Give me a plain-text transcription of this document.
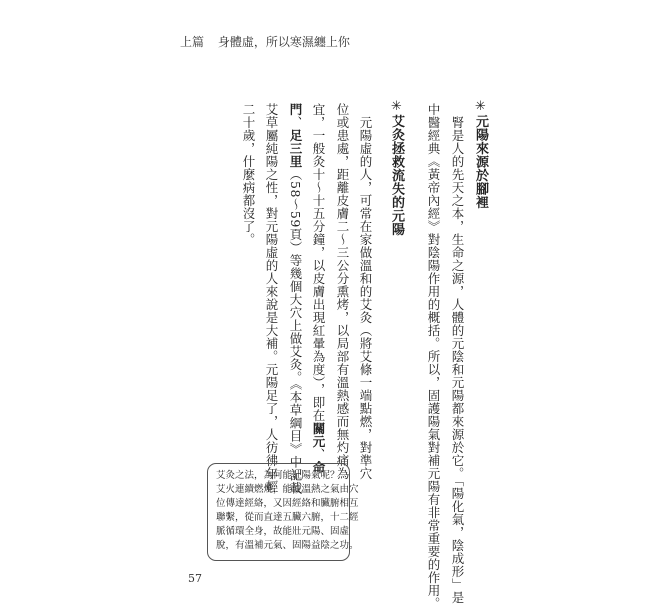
上篇 身體虛，所以寒濕纏上你
✳元陽來源於腳裡
　腎是人的先天之本，生命之源，人體的元陰和元陽都來源於它。「陽化氣，陰成形」是
中醫經典《黃帝內經》對陰陽作用的概括。所以，固護陽氣對補元陽有非常重要的作用。
✳艾灸拯救流失的元陽
　元陽虛的人，可常在家做溫和的艾灸（將艾條一端點燃，對準穴
位或患處，距離皮膚二～三公分熏烤，以局部有溫熱感而無灼痛為
宜，一般灸十～十五分鐘，以皮膚出現紅暈為度），即在關元、命
門、足三里（58～59頁）等幾個大穴上做艾灸。《本草綱目》中記載
艾草屬純陽之性，對元陽虛的人來說是大補。元陽足了，人彷彿年輕
二十歲，什麼病都沒了。
艾灸之法，為何能壯陽氣呢？
艾火連續燃燒，能使溫熱之氣由穴
位傳達經絡，又因經絡和臟腑相互
聯繫，從而直達五臟六腑，十二經
脈循環全身，故能壯元陽、固虛
脫，有溫補元氣、固陽益陰之功。
57
